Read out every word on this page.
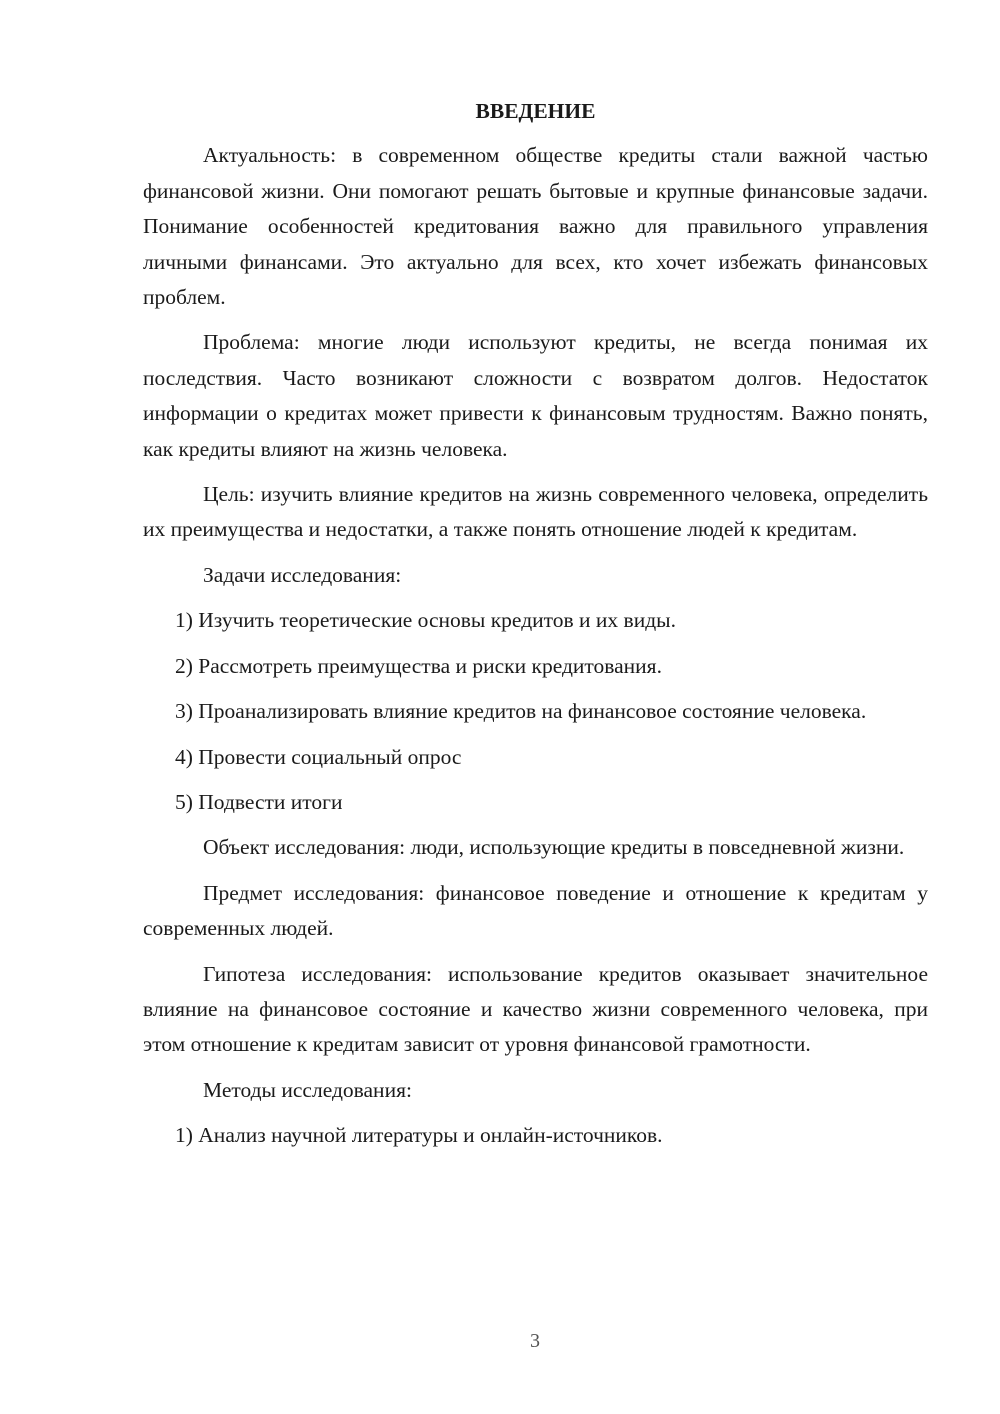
ВВЕДЕНИЕ

Актуальность: в современном обществе кредиты стали важной частью финансовой жизни. Они помогают решать бытовые и крупные финансовые задачи. Понимание особенностей кредитования важно для правильного управления личными финансами. Это актуально для всех, кто хочет избежать финансовых проблем.

Проблема: многие люди используют кредиты, не всегда понимая их последствия. Часто возникают сложности с возвратом долгов. Недостаток информации о кредитах может привести к финансовым трудностям. Важно понять, как кредиты влияют на жизнь человека.

Цель: изучить влияние кредитов на жизнь современного человека, определить их преимущества и недостатки, а также понять отношение людей к кредитам.

Задачи исследования:

1) Изучить теоретические основы кредитов и их виды.

2) Рассмотреть преимущества и риски кредитования.

3) Проанализировать влияние кредитов на финансовое состояние человека.

4) Провести социальный опрос

5) Подвести итоги

Объект исследования: люди, использующие кредиты в повседневной жизни.

Предмет исследования: финансовое поведение и отношение к кредитам у современных людей.

Гипотеза исследования: использование кредитов оказывает значительное влияние на финансовое состояние и качество жизни современного человека, при этом отношение к кредитам зависит от уровня финансовой грамотности.

Методы исследования:

1) Анализ научной литературы и онлайн-источников.

3
